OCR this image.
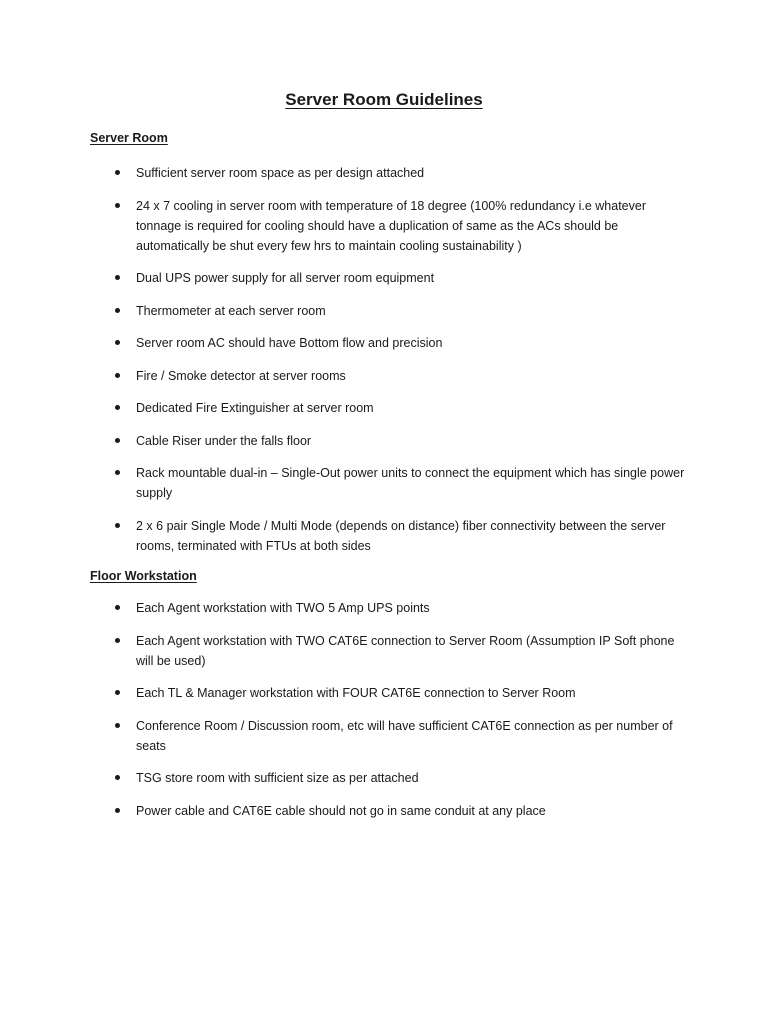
Server Room Guidelines
Server Room
Sufficient server room space as per design attached
24 x 7 cooling in server room with temperature of 18 degree (100% redundancy i.e whatever tonnage is required for cooling should have a duplication of same as the ACs should be automatically be shut every few hrs to maintain cooling sustainability )
Dual UPS power supply for all server room equipment
Thermometer at each server room
Server room AC should have Bottom flow and precision
Fire / Smoke detector at server rooms
Dedicated Fire Extinguisher at server room
Cable Riser under the falls floor
Rack mountable dual-in – Single-Out power units to connect the equipment which has single power supply
2 x 6 pair Single Mode / Multi Mode (depends on distance) fiber connectivity between the server rooms, terminated with FTUs at both sides
Floor Workstation
Each Agent workstation with TWO 5 Amp UPS points
Each Agent workstation with TWO CAT6E connection to Server Room (Assumption IP Soft phone will be used)
Each TL & Manager workstation with FOUR CAT6E connection to Server Room
Conference Room / Discussion room, etc will have sufficient CAT6E connection as per number of seats
TSG store room with sufficient size as per attached
Power cable and CAT6E cable should not go in same conduit at any place
